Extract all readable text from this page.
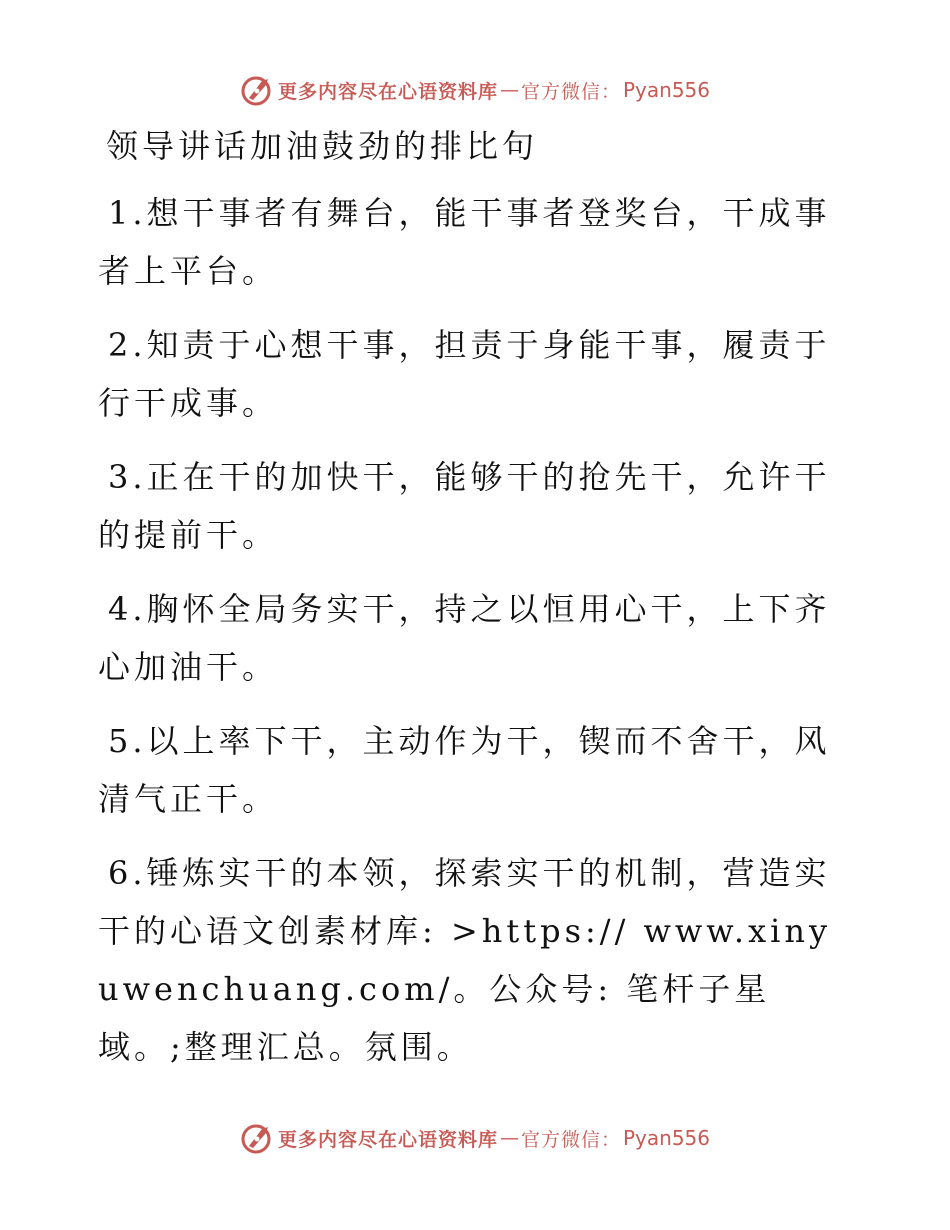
更多内容尽在心语资料库 — 官方微信： Pyan556
领导讲话加油鼓劲的排比句

1.想干事者有舞台，能干事者登奖台，干成事者上平台。

2.知责于心想干事，担责于身能干事，履责于行干成事。

3.正在干的加快干，能够干的抢先干，允许干的提前干。

4.胸怀全局务实干，持之以恒用心干，上下齐心加油干。

5.以上率下干，主动作为干，锲而不舍干，风清气正干。

6.锤炼实干的本领，探索实干的机制，营造实干的心语文创素材库: >https:// www.xinyuwenchuang.com/。公众号: 笔杆子星域。;整理汇总。氛围。

更多内容尽在心语资料库 — 官方微信： Pyan556
